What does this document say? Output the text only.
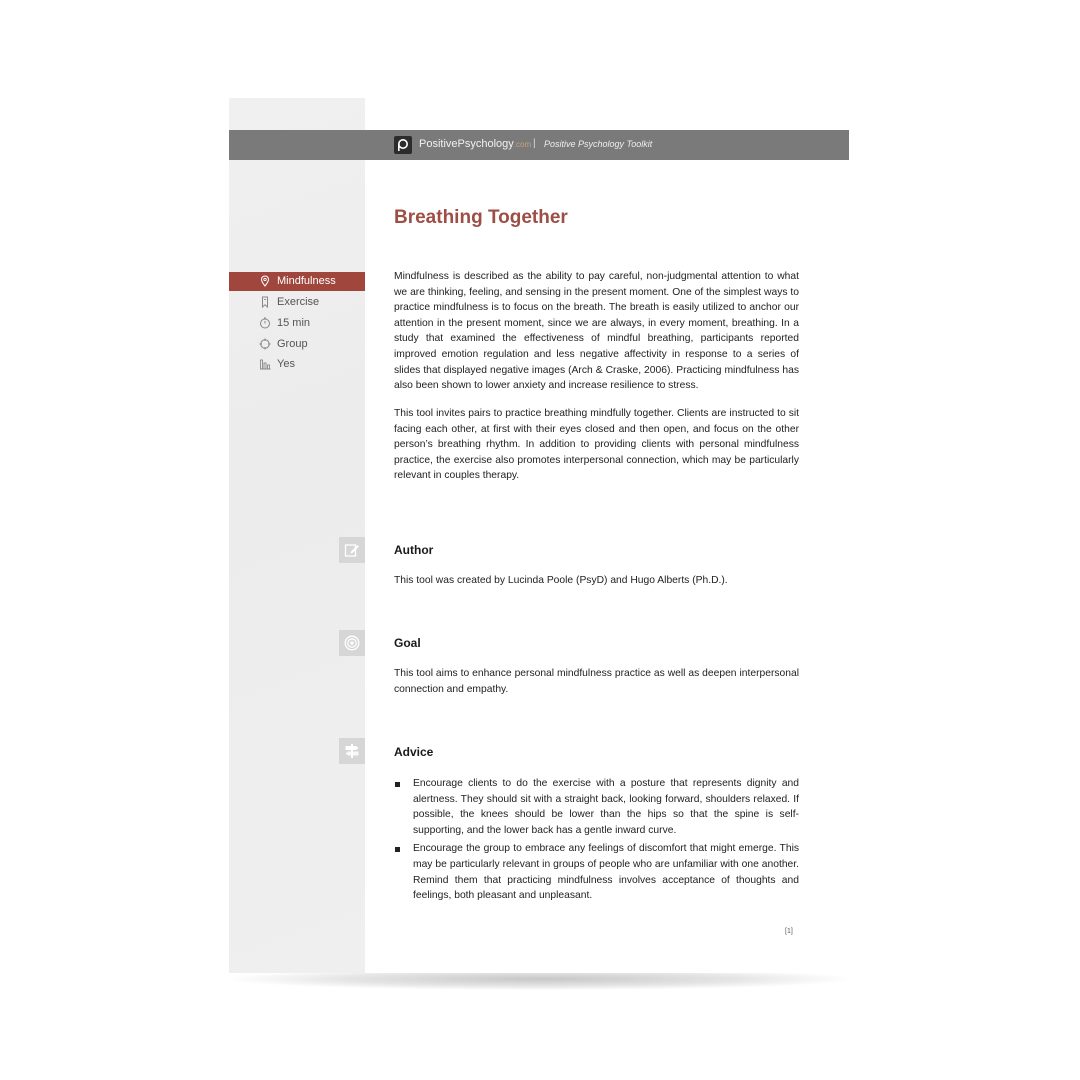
PositivePsychology.com | Positive Psychology Toolkit
Breathing Together
Mindfulness
Exercise
15 min
Group
Yes

Mindfulness is described as the ability to pay careful, non-judgmental attention to what we are thinking, feeling, and sensing in the present moment. One of the simplest ways to practice mindfulness is to focus on the breath. The breath is easily utilized to anchor our attention in the present moment, since we are always, in every moment, breathing. In a study that examined the effectiveness of mindful breathing, participants reported improved emotion regulation and less negative affectivity in response to a series of slides that displayed negative images (Arch & Craske, 2006). Practicing mindfulness has also been shown to lower anxiety and increase resilience to stress.

This tool invites pairs to practice breathing mindfully together. Clients are instructed to sit facing each other, at first with their eyes closed and then open, and focus on the other person’s breathing rhythm. In addition to providing clients with personal mindfulness practice, the exercise also promotes interpersonal connection, which may be particularly relevant in couples therapy.

Author

This tool was created by Lucinda Poole (PsyD) and Hugo Alberts (Ph.D.).

Goal

This tool aims to enhance personal mindfulness practice as well as deepen interpersonal connection and empathy.

Advice
Encourage clients to do the exercise with a posture that represents dignity and alertness. They should sit with a straight back, looking forward, shoulders relaxed. If possible, the knees should be lower than the hips so that the spine is self-supporting, and the lower back has a gentle inward curve.
Encourage the group to embrace any feelings of discomfort that might emerge. This may be particularly relevant in groups of people who are unfamiliar with one another. Remind them that practicing mindfulness involves acceptance of thoughts and feelings, both pleasant and unpleasant.
[1]
